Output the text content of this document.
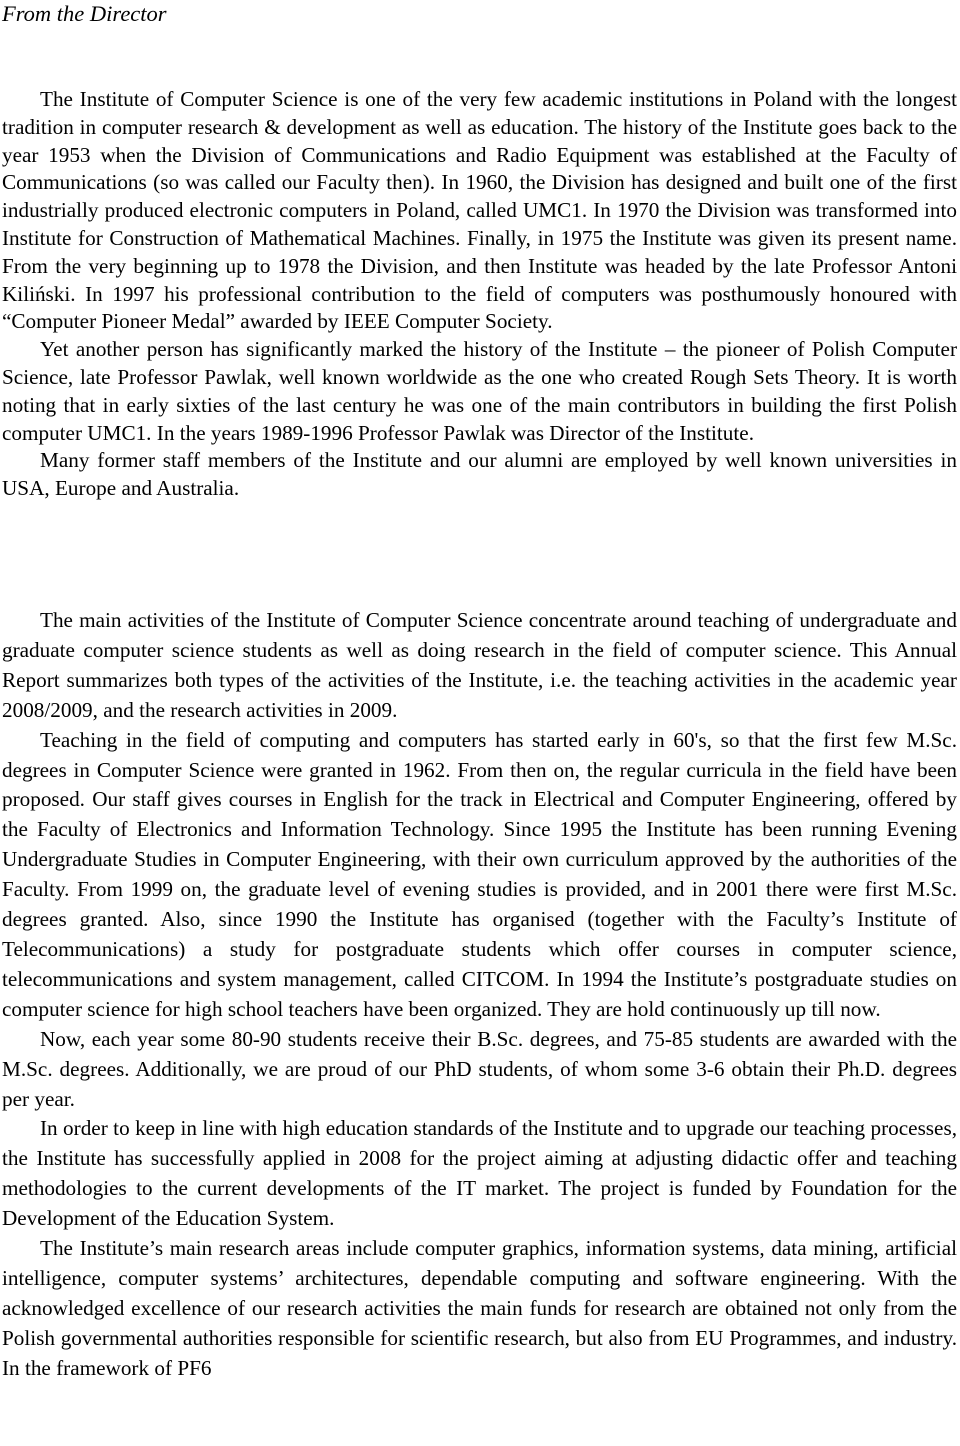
From the Director

The Institute of Computer Science is one of the very few academic institutions in Poland with the longest tradition in computer research & development as well as education. The history of the Institute goes back to the year 1953 when the Division of Communications and Radio Equipment was established at the Faculty of Communications (so was called our Faculty then). In 1960, the Division has designed and built one of the first industrially produced electronic computers in Poland, called UMC1. In 1970 the Division was transformed into Institute for Construction of Mathematical Machines. Finally, in 1975 the Institute was given its present name. From the very beginning up to 1978 the Division, and then Institute was headed by the late Professor Antoni Kiliński. In 1997 his professional contribution to the field of computers was posthumously honoured with “Computer Pioneer Medal” awarded by IEEE Computer Society.

Yet another person has significantly marked the history of the Institute – the pioneer of Polish Computer Science, late Professor Pawlak, well known worldwide as the one who created Rough Sets Theory. It is worth noting that in early sixties of the last century he was one of the main contributors in building the first Polish computer UMC1. In the years 1989-1996 Professor Pawlak was Director of the Institute.

Many former staff members of the Institute and our alumni are employed by well known universities in USA, Europe and Australia.

The main activities of the Institute of Computer Science concentrate around teaching of undergraduate and graduate computer science students as well as doing research in the field of computer science. This Annual Report summarizes both types of the activities of the Institute, i.e. the teaching activities in the academic year 2008/2009, and the research activities in 2009.

Teaching in the field of computing and computers has started early in 60's, so that the first few M.Sc. degrees in Computer Science were granted in 1962. From then on, the regular curricula in the field have been proposed. Our staff gives courses in English for the track in Electrical and Computer Engineering, offered by the Faculty of Electronics and Information Technology. Since 1995 the Institute has been running Evening Undergraduate Studies in Computer Engineering, with their own curriculum approved by the authorities of the Faculty. From 1999 on, the graduate level of evening studies is provided, and in 2001 there were first M.Sc. degrees granted. Also, since 1990 the Institute has organised (together with the Faculty’s Institute of Telecommunications) a study for postgraduate students which offer courses in computer science, telecommunications and system management, called CITCOM. In 1994 the Institute’s postgraduate studies on computer science for high school teachers have been organized. They are hold continuously up till now.

Now, each year some 80-90 students receive their B.Sc. degrees, and 75-85 students are awarded with the M.Sc. degrees. Additionally, we are proud of our PhD students, of whom some 3-6 obtain their Ph.D. degrees per year.

In order to keep in line with high education standards of the Institute and to upgrade our teaching processes, the Institute has successfully applied in 2008 for the project aiming at adjusting didactic offer and teaching methodologies to the current developments of the IT market. The project is funded by Foundation for the Development of the Education System.

The Institute’s main research areas include computer graphics, information systems, data mining, artificial intelligence, computer systems’ architectures, dependable computing and software engineering. With the acknowledged excellence of our research activities the main funds for research are obtained not only from the Polish governmental authorities responsible for scientific research, but also from EU Programmes, and industry. In the framework of PF6
